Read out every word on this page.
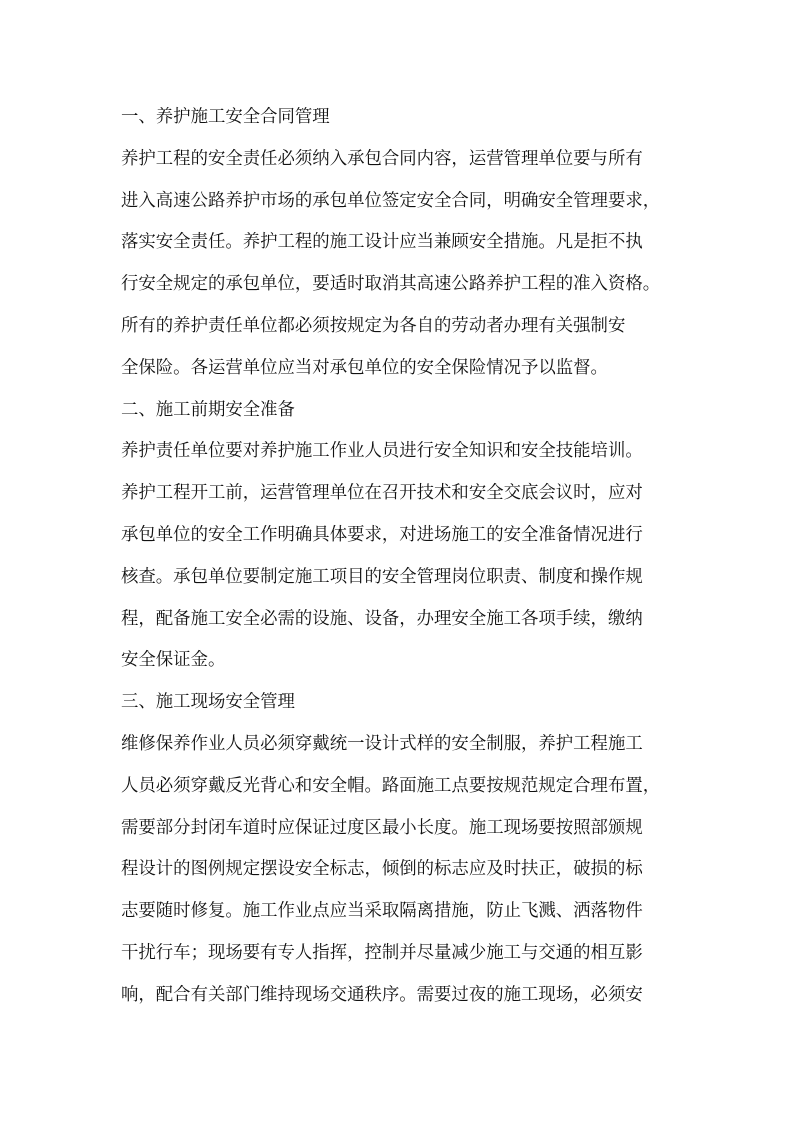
一、养护施工安全合同管理
养护工程的安全责任必须纳入承包合同内容，运营管理单位要与所有
进入高速公路养护市场的承包单位签定安全合同，明确安全管理要求，
落实安全责任。养护工程的施工设计应当兼顾安全措施。凡是拒不执
行安全规定的承包单位，要适时取消其高速公路养护工程的准入资格。
所有的养护责任单位都必须按规定为各自的劳动者办理有关强制安
全保险。各运营单位应当对承包单位的安全保险情况予以监督。
二、施工前期安全准备
养护责任单位要对养护施工作业人员进行安全知识和安全技能培训。
养护工程开工前，运营管理单位在召开技术和安全交底会议时，应对
承包单位的安全工作明确具体要求，对进场施工的安全准备情况进行
核查。承包单位要制定施工项目的安全管理岗位职责、制度和操作规
程，配备施工安全必需的设施、设备，办理安全施工各项手续，缴纳
安全保证金。
三、施工现场安全管理
维修保养作业人员必须穿戴统一设计式样的安全制服，养护工程施工
人员必须穿戴反光背心和安全帽。路面施工点要按规范规定合理布置，
需要部分封闭车道时应保证过度区最小长度。施工现场要按照部颁规
程设计的图例规定摆设安全标志，倾倒的标志应及时扶正，破损的标
志要随时修复。施工作业点应当采取隔离措施，防止飞溅、洒落物件
干扰行车；现场要有专人指挥，控制并尽量减少施工与交通的相互影
响，配合有关部门维持现场交通秩序。需要过夜的施工现场，必须安
